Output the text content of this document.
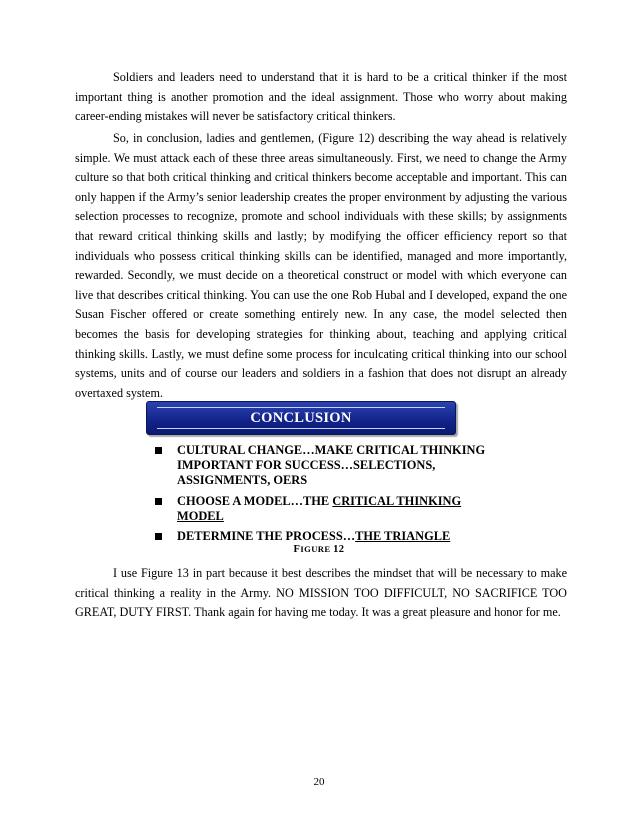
Soldiers and leaders need to understand that it is hard to be a critical thinker if the most important thing is another promotion and the ideal assignment. Those who worry about making career-ending mistakes will never be satisfactory critical thinkers.

So, in conclusion, ladies and gentlemen, (Figure 12) describing the way ahead is relatively simple. We must attack each of these three areas simultaneously. First, we need to change the Army culture so that both critical thinking and critical thinkers become acceptable and important. This can only happen if the Army’s senior leadership creates the proper environment by adjusting the various selection processes to recognize, promote and school individuals with these skills; by assignments that reward critical thinking skills and lastly; by modifying the officer efficiency report so that individuals who possess critical thinking skills can be identified, managed and more importantly, rewarded. Secondly, we must decide on a theoretical construct or model with which everyone can live that describes critical thinking. You can use the one Rob Hubal and I developed, expand the one Susan Fischer offered or create something entirely new. In any case, the model selected then becomes the basis for developing strategies for thinking about, teaching and applying critical thinking skills. Lastly, we must define some process for inculcating critical thinking into our school systems, units and of course our leaders and soldiers in a fashion that does not disrupt an already overtaxed system.

CONCLUSION
CULTURAL CHANGE…MAKE CRITICAL THINKING IMPORTANT FOR SUCCESS…SELECTIONS, ASSIGNMENTS, OERS
CHOOSE A MODEL…THE CRITICAL THINKING MODEL
DETERMINE THE PROCESS…THE TRIANGLE
FIGURE 12

I use Figure 13 in part because it best describes the mindset that will be necessary to make critical thinking a reality in the Army. NO MISSION TOO DIFFICULT, NO SACRIFICE TOO GREAT, DUTY FIRST. Thank again for having me today. It was a great pleasure and honor for me.

20
